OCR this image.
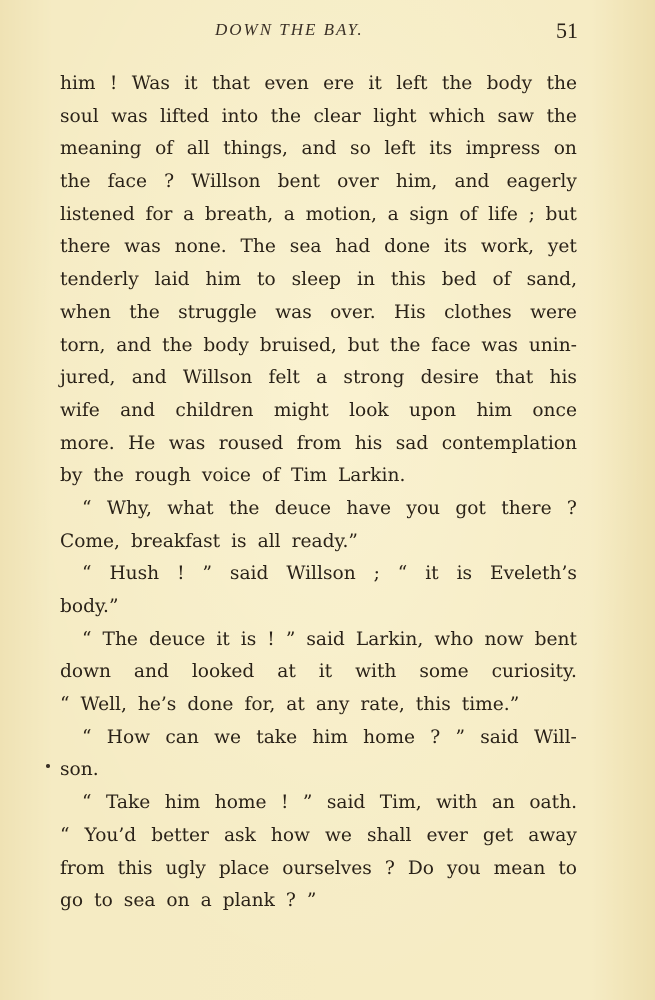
DOWN THE BAY.	51
him ! Was it that even ere it left the body the
soul was lifted into the clear light which saw the
meaning of all things, and so left its impress on
the face ? Willson bent over him, and eagerly
listened for a breath, a motion, a sign of life ; but
there was none. The sea had done its work, yet
tenderly laid him to sleep in this bed of sand,
when the struggle was over. His clothes were
torn, and the body bruised, but the face was unin-
jured, and Willson felt a strong desire that his
wife and children might look upon him once
more. He was roused from his sad contemplation
by the rough voice of Tim Larkin.
“ Why, what the deuce have you got there ?
Come, breakfast is all ready.”
“ Hush ! ” said Willson ; “ it is Eveleth’s
body.”
“ The deuce it is ! ” said Larkin, who now bent
down and looked at it with some curiosity.
“ Well, he’s done for, at any rate, this time.”
“ How can we take him home ? ” said Will-
son.
“ Take him home ! ” said Tim, with an oath.
“ You’d better ask how we shall ever get away
from this ugly place ourselves ? Do you mean to
go to sea on a plank ? ”
